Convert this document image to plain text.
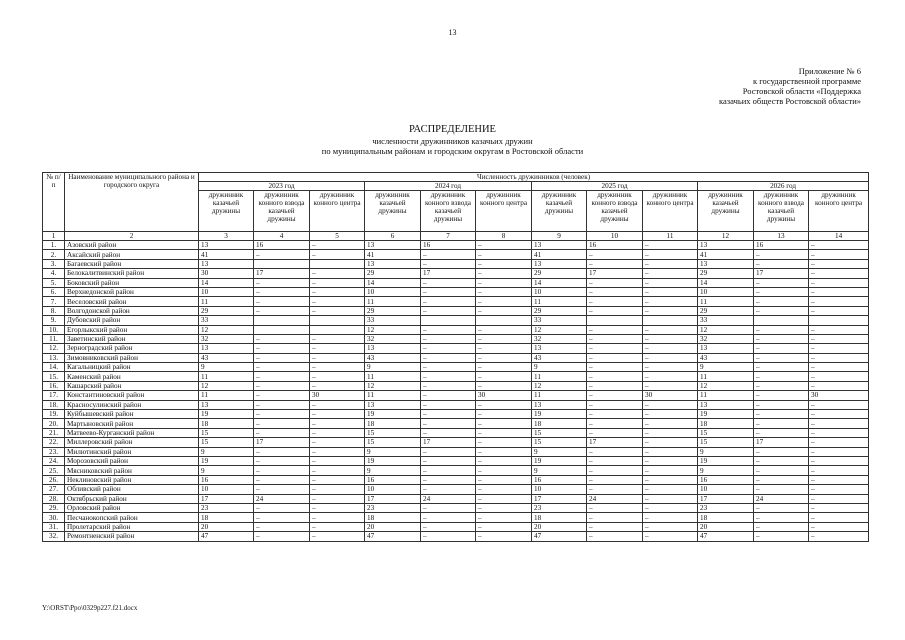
13
Приложение № 6
к государственной программе
Ростовской области «Поддержка
казачьих обществ Ростовской области»
РАСПРЕДЕЛЕНИЕ
численности дружинников казачьих дружин
по муниципальным районам и городским округам в Ростовской области
№ п/п	Наименование муниципального района и городского округа	Численность дружинников (человек)											
		2023 год			2024 год			2025 год			2026 год		
		дружинник казачьей дружины	дружинник конного взвода казачьей дружины	дружинник конного центра	дружинник казачьей дружины	дружинник конного взвода казачьей дружины	дружинник конного центра	дружинник казачьей дружины	дружинник конного взвода казачьей дружины	дружинник конного центра	дружинник казачьей дружины	дружинник конного взвода казачьей дружины	дружинник конного центра
1	2	3	4	5	6	7	8	9	10	11	12	13	14
1.	Азовский район	13	16	–	13	16	–	13	16	–	13	16	–
2.	Аксайский район	41	–	–	41	–	–	41	–	–	41	–	–
3.	Багаевский район	13			13	–	–	13	–	–	13	–	–
4.	Белокалитвинский район	30	17	–	29	17	–	29	17	–	29	17	–
5.	Боковский район	14	–	–	14	–	–	14	–	–	14	–	–
6.	Верхнедонской район	10	–	–	10	–	–	10	–	–	10	–	–
7.	Веселовский район	11	–	–	11	–	–	11	–	–	11	–	–
8.	Волгодонской район	29	–	–	29	–	–	29	–	–	29	–	–
9.	Дубовский район	33			33			33			33		
10.	Егорлыкский район	12			12	–	–	12	–	–	12	–	–
11.	Заветинский район	32	–	–	32	–	–	32	–	–	32	–	–
12.	Зерноградский район	13	–	–	13	–	–	13	–	–	13	–	–
13.	Зимовниковский район	43	–	–	43	–	–	43	–	–	43	–	–
14.	Кагальницкий район	9	–	–	9	–	–	9	–	–	9	–	–
15.	Каменский район	11	–	–	11	–	–	11	–	–	11	–	–
16.	Кашарский район	12	–	–	12	–	–	12	–	–	12	–	–
17.	Константиновский район	11	–	30	11	–	30	11	–	30	11	–	30
18.	Красносулинский район	13	–	–	13	–	–	13	–	–	13	–	–
19.	Куйбышевский район	19	–	–	19	–	–	19	–	–	19	–	–
20.	Мартыновский район	18	–	–	18	–	–	18	–	–	18	–	–
21.	Матвеево-Курганский район	15	–	–	15	–	–	15	–	–	15	–	–
22.	Миллеровский район	15	17	–	15	17	–	15	17	–	15	17	–
23.	Милютинский район	9	–	–	9	–	–	9	–	–	9	–	–
24.	Морозовский район	19	–	–	19	–	–	19	–	–	19	–	–
25.	Мясниковский район	9	–	–	9	–	–	9	–	–	9	–	–
26.	Неклиновский район	16	–	–	16	–	–	16	–	–	16	–	–
27.	Обливский район	10	–	–	10	–	–	10	–	–	10	–	–
28.	Октябрьский район	17	24	–	17	24	–	17	24	–	17	24	–
29.	Орловский район	23	–	–	23	–	–	23	–	–	23	–	–
30.	Песчанокопский район	18	–	–	18	–	–	18	–	–	18	–	–
31.	Пролетарский район	20	–	–	20	–	–	20	–	–	20	–	–
32.	Ремонтненский район	47	–	–	47	–	–	47	–	–	47	–	–
Y:\ORST\Ppo\0329p227.f21.docx
